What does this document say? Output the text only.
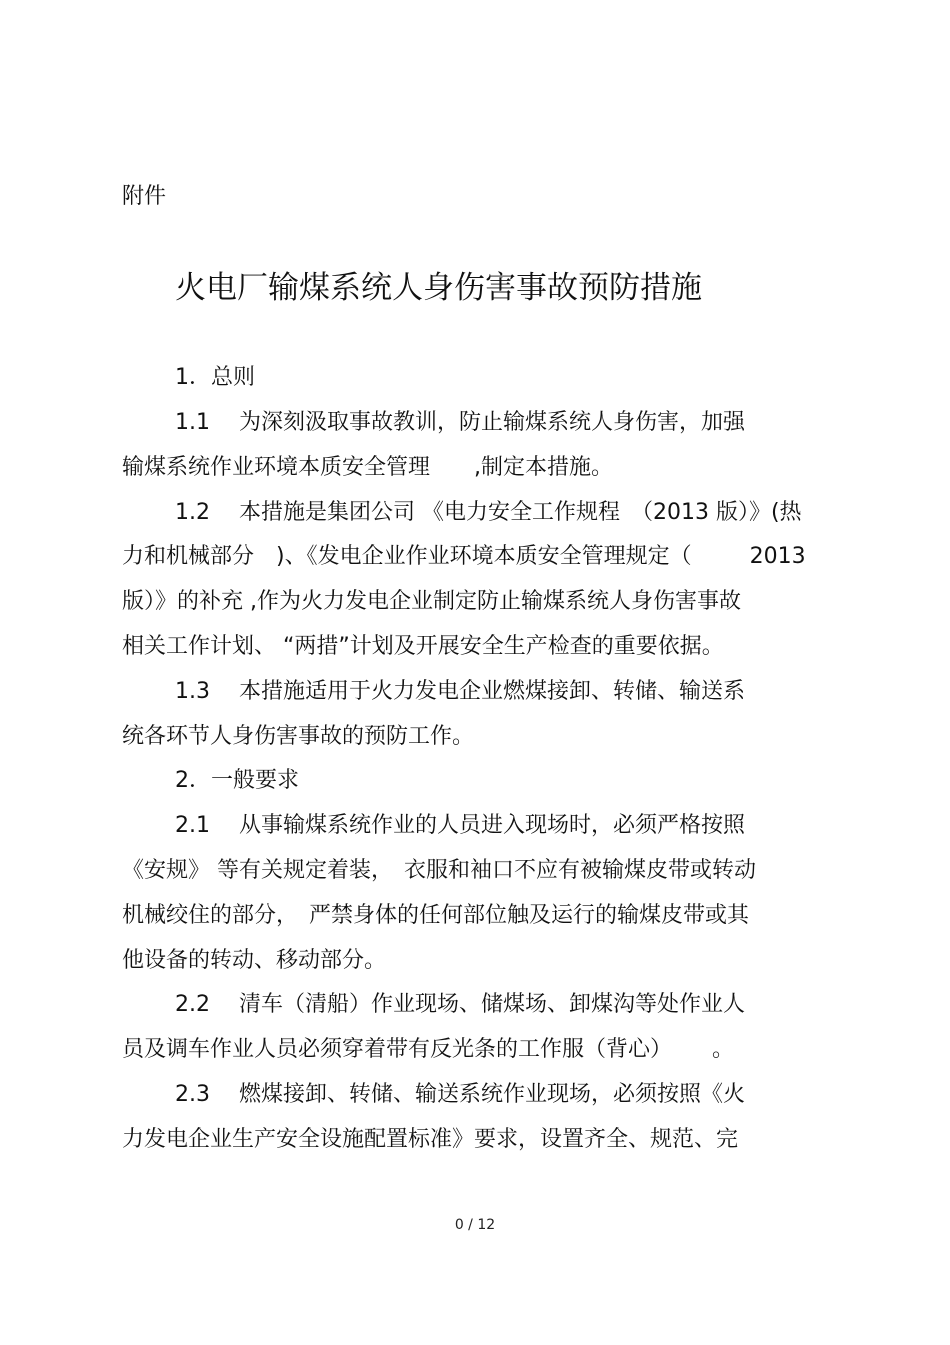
附件
火电厂输煤系统人身伤害事故预防措施
1．总则
1.1　 为深刻汲取事故教训，防止输煤系统人身伤害，加强
输煤系统作业环境本质安全管理　　,制定本措施。
1.2　 本措施是集团公司 《电力安全工作规程　（2013 版）》(热
力和机械部分　)、《发电企业作业环境本质安全管理规定（　　  2013
版）》的补充 ,作为火力发电企业制定防止输煤系统人身伤害事故
相关工作计划、 “两措”计划及开展安全生产检查的重要依据。
1.3　 本措施适用于火力发电企业燃煤接卸、转储、输送系
统各环节人身伤害事故的预防工作。
2．一般要求
2.1　 从事输煤系统作业的人员进入现场时，必须严格按照
《安规》 等有关规定着装，　衣服和袖口不应有被输煤皮带或转动
机械绞住的部分，　严禁身体的任何部位触及运行的输煤皮带或其
他设备的转动、移动部分。
2.2　 清车（清船）作业现场、储煤场、卸煤沟等处作业人
员及调车作业人员必须穿着带有反光条的工作服（背心）　　 。
2.3　 燃煤接卸、转储、输送系统作业现场，必须按照《火
力发电企业生产安全设施配置标准》要求，设置齐全、规范、完
0 / 12
